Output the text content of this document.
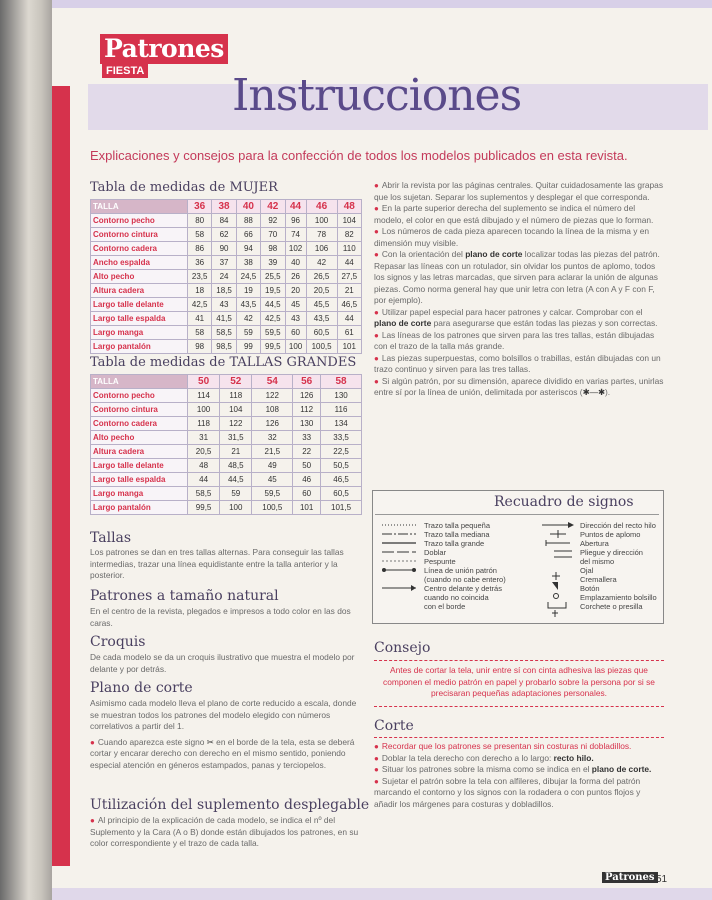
Patrones
FIESTA Instrucciones
Explicaciones y consejos para la confección de todos los modelos publicados en esta revista.
Tabla de medidas de MUJER
TALLA	36	38	40	42	44	46	48
Contorno pecho	80	84	88	92	96	100	104
Contorno cintura	58	62	66	70	74	78	82
Contorno cadera	86	90	94	98	102	106	110
Ancho espalda	36	37	38	39	40	42	44
Alto pecho	23,5	24	24,5	25,5	26	26,5	27,5
Altura cadera	18	18,5	19	19,5	20	20,5	21
Largo talle delante	42,5	43	43,5	44,5	45	45,5	46,5
Largo talle espalda	41	41,5	42	42,5	43	43,5	44
Largo manga	58	58,5	59	59,5	60	60,5	61
Largo pantalón	98	98,5	99	99,5	100	100,5	101
Tabla de medidas de TALLAS GRANDES
TALLA	50	52	54	56	58
Contorno pecho	114	118	122	126	130
Contorno cintura	100	104	108	112	116
Contorno cadera	118	122	126	130	134
Alto pecho	31	31,5	32	33	33,5
Altura cadera	20,5	21	21,5	22	22,5
Largo talle delante	48	48,5	49	50	50,5
Largo talle espalda	44	44,5	45	46	46,5
Largo manga	58,5	59	59,5	60	60,5
Largo pantalón	99,5	100	100,5	101	101,5
Tallas
Los patrones se dan en tres tallas alternas. Para conseguir las tallas intermedias, trazar una línea equidistante entre la talla anterior y la posterior.
Patrones a tamaño natural
En el centro de la revista, plegados e impresos a todo color en las dos caras.
Croquis
De cada modelo se da un croquis ilustrativo que muestra el modelo por delante y por detrás.
Plano de corte

Asimismo cada modelo lleva el plano de corte reducido a escala, donde se muestran todos los patrones del modelo elegido con números correlativos a partir del 1.

● Cuando aparezca este signo ✂ en el borde de la tela, esta se deberá cortar y encarar derecho con derecho en el mismo sentido, poniendo especial atención en géneros estampados, panas y terciopelos.

Utilización del suplemento desplegable

● Al principio de la explicación de cada modelo, se indica el nº del Suplemento y la Cara (A o B) donde están dibujados los patrones, en su color correspondiente y el trazo de cada talla.

● Abrir la revista por las páginas centrales. Quitar cuidadosamente las grapas que los sujetan. Separar los suplementos y desplegar el que corresponda.

● En la parte superior derecha del suplemento se indica el número del modelo, el color en que está dibujado y el número de piezas que lo forman.

● Los números de cada pieza aparecen tocando la línea de la misma y en dimensión muy visible.

● Con la orientación del plano de corte localizar todas las piezas del patrón. Repasar las líneas con un rotulador, sin olvidar los puntos de aplomo, todos los signos y las letras marcadas, que sirven para aclarar la unión de algunas piezas. Como norma general hay que unir letra con letra (A con A y F con F, por ejemplo).

● Utilizar papel especial para hacer patrones y calcar. Comprobar con el plano de corte para asegurarse que están todas las piezas y son correctas.

● Las líneas de los patrones que sirven para las tres tallas, están dibujadas con el trazo de la talla más grande.

● Las piezas superpuestas, como bolsillos o trabillas, están dibujadas con un trazo continuo y sirven para las tres tallas.

● Si algún patrón, por su dimensión, aparece dividido en varias partes, unirlas entre sí por la línea de unión, delimitada por asteriscos (✱—✱).

Recuadro de signos
Trazo talla pequeña
Trazo talla mediana
Trazo talla grande
Doblar
Pespunte
Línea de unión patrón
(cuando no cabe entero)
Centro delante y detrás
cuando no coincida
con el borde
Dirección del recto hilo
Puntos de aplomo
Abertura
Pliegue y dirección
del mismo
Ojal
Cremallera
Botón
Emplazamiento bolsillo
Corchete o presilla
Consejo
Antes de cortar la tela, unir entre sí con cinta adhesiva las piezas que componen el medio patrón en papel y probarlo sobre la persona por si se precisaran pequeñas adaptaciones personales.
Corte

● Recordar que los patrones se presentan sin costuras ni dobladillos.

● Doblar la tela derecho con derecho a lo largo: recto hilo.

● Situar los patrones sobre la misma como se indica en el plano de corte.

● Sujetar el patrón sobre la tela con alfileres, dibujar la forma del patrón marcando el contorno y los signos con la rodadera o con puntos flojos y añadir los márgenes para costuras y dobladillos.

Patrones 51
